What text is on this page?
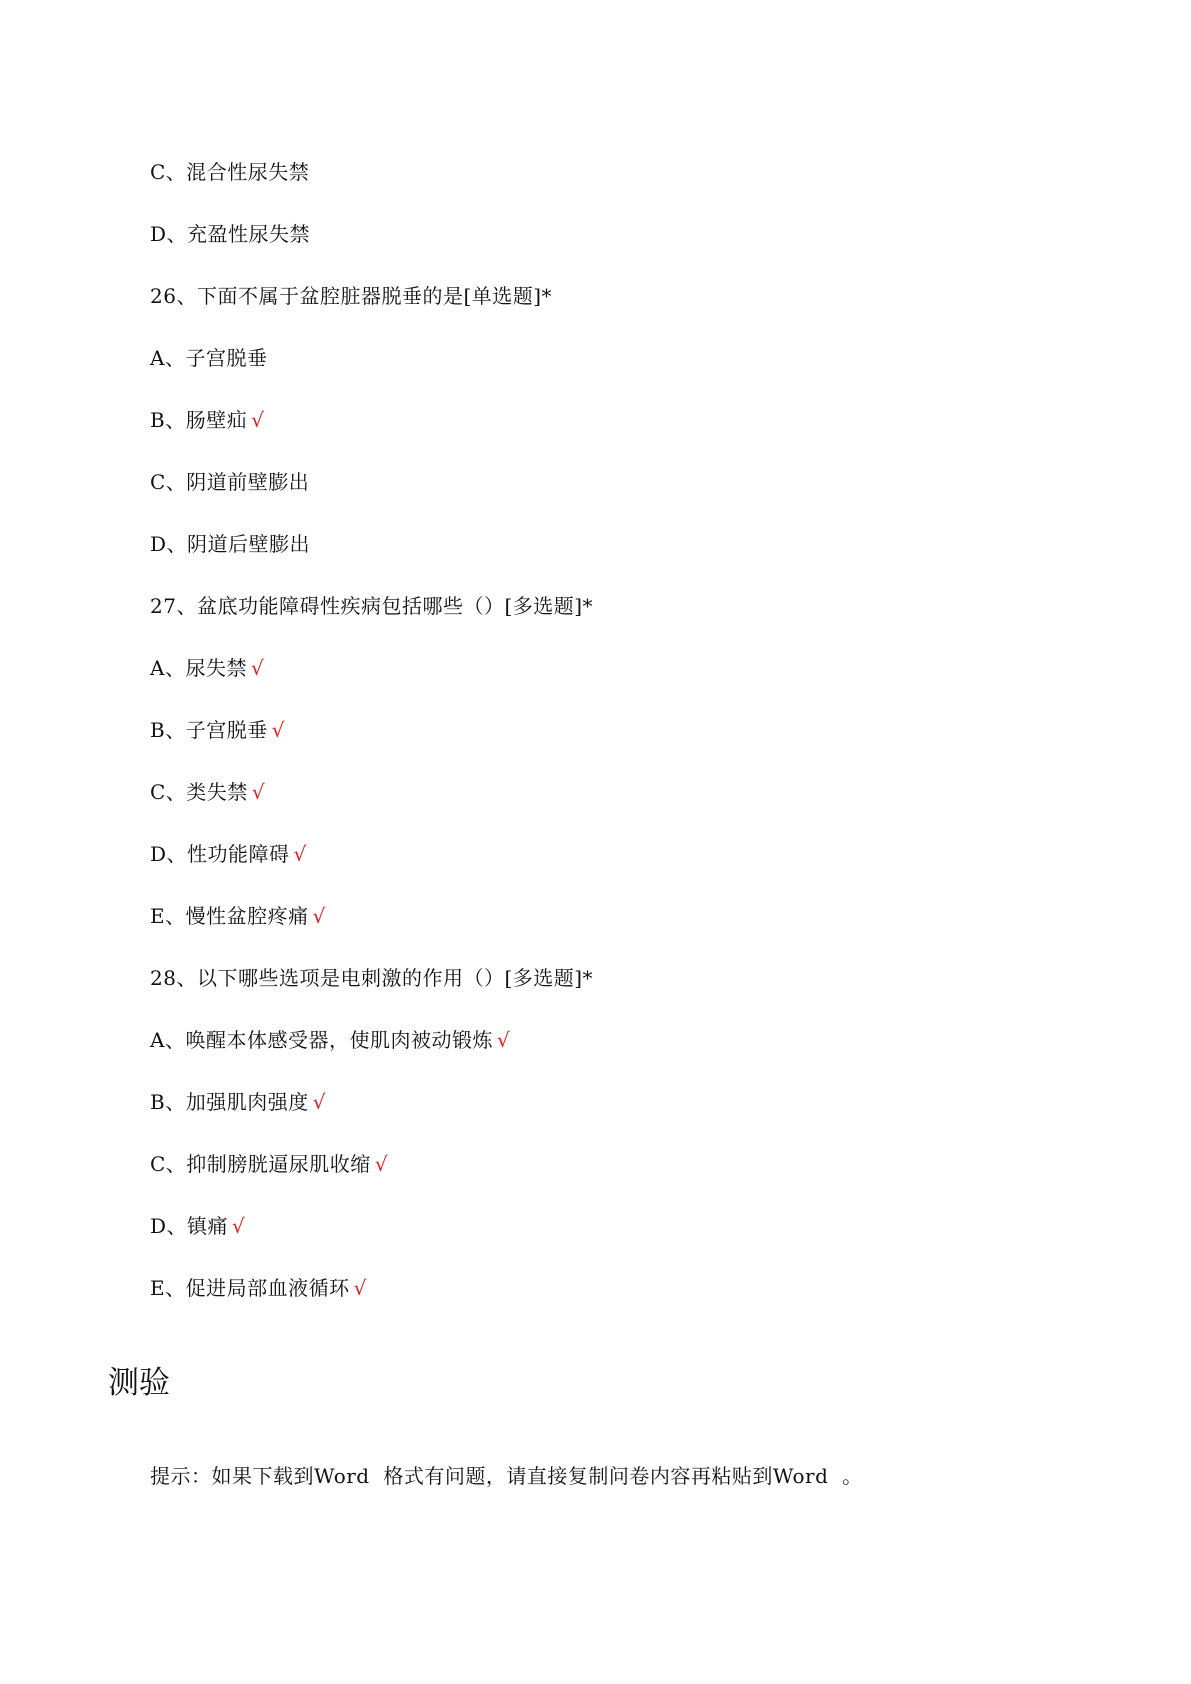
C、混合性尿失禁
D、充盈性尿失禁
26、下面不属于盆腔脏器脱垂的是[单选题]*
A、子宫脱垂
B、肠壁疝 √
C、阴道前壁膨出
D、阴道后壁膨出
27、盆底功能障碍性疾病包括哪些（）[多选题]*
A、尿失禁 √
B、子宫脱垂 √
C、类失禁 √
D、性功能障碍 √
E、慢性盆腔疼痛 √
28、以下哪些选项是电刺激的作用（）[多选题]*
A、唤醒本体感受器，使肌肉被动锻炼 √
B、加强肌肉强度 √
C、抑制膀胱逼尿肌收缩 √
D、镇痛 √
E、促进局部血液循环 √
测验
提示：如果下载到Word  格式有问题，请直接复制问卷内容再粘贴到Word  。
